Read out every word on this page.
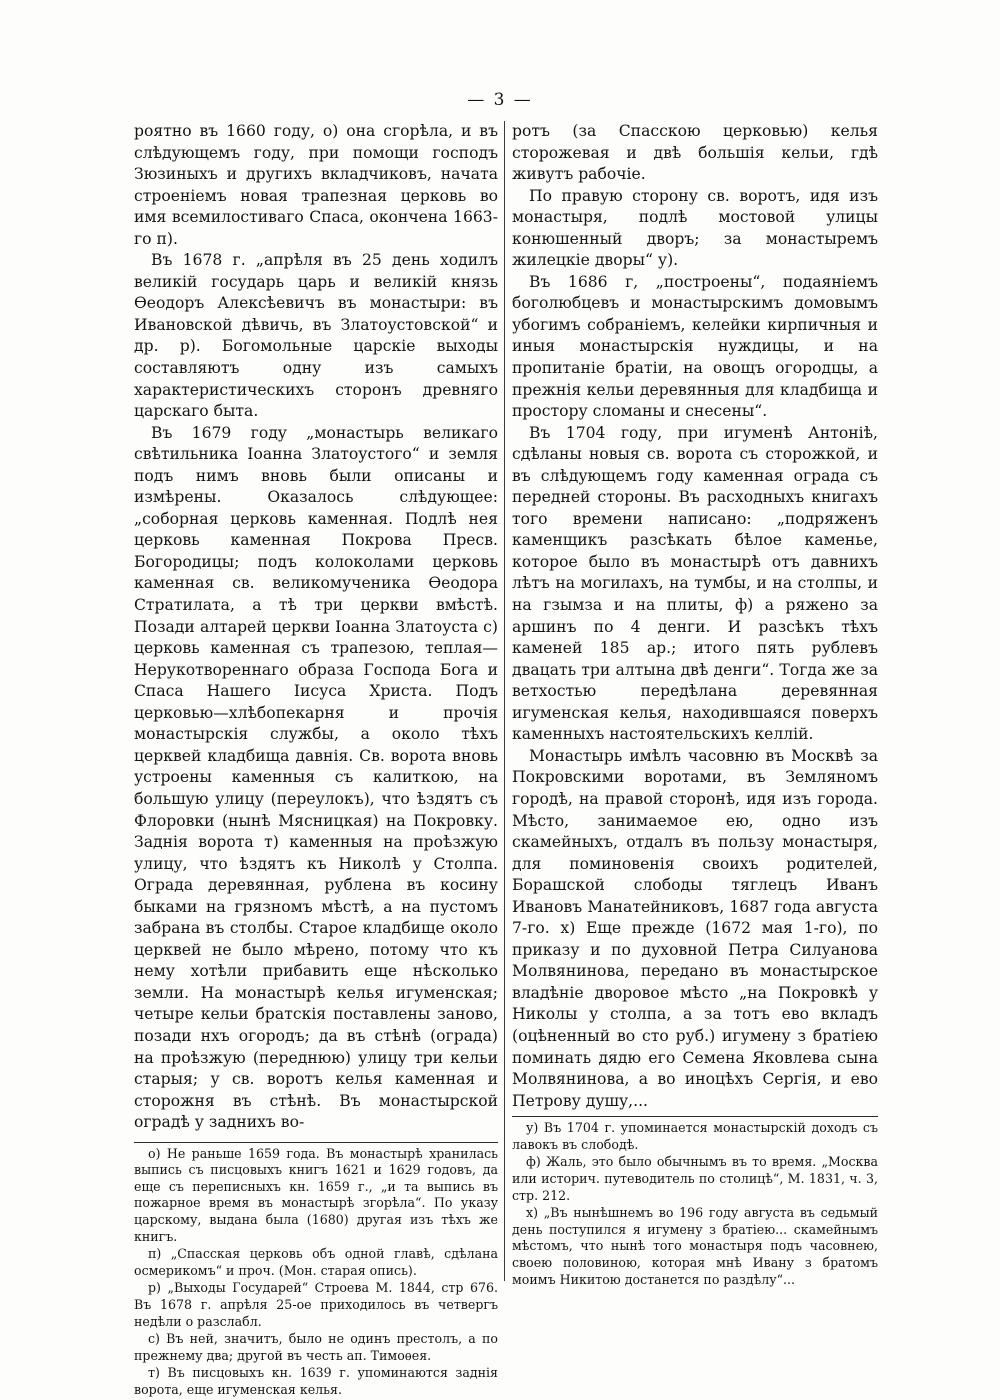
— 3 —

роятно въ 1660 году, о) она сгорѣла, и въ слѣдующемъ году, при помощи господъ Зюзиныхъ и другихъ вкладчиковъ, начата строеніемъ новая трапезная церковь во имя всемилостиваго Спаса, окончена 1663-го п).

Въ 1678 г. „апрѣля въ 25 день ходилъ великій государь царь и великій князь Ѳеодоръ Алексѣевичъ въ монастыри: въ Ивановской дѣвичь, въ Златоустовской“ и др. р). Богомольные царскіе выходы составляютъ одну изъ самыхъ характеристическихъ сторонъ древняго царскаго быта.

Въ 1679 году „монастырь великаго свѣтильника Іоанна Златоустого“ и земля подъ нимъ вновь были описаны и измѣрены. Оказалось слѣдующее: „соборная церковь каменная. Подлѣ нея церковь каменная Покрова Пресв. Богородицы; подъ колоколами церковь каменная св. великомученика Ѳеодора Стратилата, а тѣ три церкви вмѣстѣ. Позади алтарей церкви Іоанна Златоуста с) церковь каменная съ трапезою, теплая—Нерукотвореннаго образа Господа Бога и Спаса Нашего Іисуса Христа. Подъ церковью—хлѣбопекарня и прочія монастырскія службы, а около тѣхъ церквей кладбища давнія. Св. ворота вновь устроены каменныя съ калиткою, на большую улицу (переулокъ), что ѣздятъ съ Флоровки (нынѣ Мясницкая) на Покровку. Заднія ворота т) каменныя на проѣзжую улицу, что ѣздятъ къ Николѣ у Столпа. Ограда деревянная, рублена въ косину быками на грязномъ мѣстѣ, а на пустомъ забрана въ столбы. Старое кладбище около церквей не было мѣрено, потому что къ нему хотѣли прибавить еще нѣсколько земли. На монастырѣ келья игуменская; четыре кельи братскія поставлены заново, позади нхъ огородъ; да въ стѣнѣ (ограда) на проѣзжую (переднюю) улицу три кельи старыя; у св. воротъ келья каменная и сторожня въ стѣнѣ. Въ монастырской оградѣ у заднихъ во-

о) Не раньше 1659 года. Въ монастырѣ хранилась выпись съ писцовыхъ книгъ 1621 и 1629 годовъ, да еще съ переписныхъ кн. 1659 г., „и та выпись въ пожарное время въ монастырѣ згорѣла“. По указу царскому, выдана была (1680) другая изъ тѣхъ же книгъ.

п) „Спасская церковь объ одной главѣ, сдѣлана осмерикомъ“ и проч. (Мон. старая опись).

р) „Выходы Государей“ Строева М. 1844, стр 676. Въ 1678 г. апрѣля 25-ое приходилось въ четвергъ недѣли о разслабл.

с) Въ ней, значитъ, было не одинъ престолъ, а по прежнему два; другой въ честь ап. Тимоѳея.

т) Въ писцовыхъ кн. 1639 г. упоминаются заднія ворота, еще игуменская келья.

ротъ (за Спасскою церковью) келья сторожевая и двѣ большія кельи, гдѣ живутъ рабочіе.

По правую сторону св. воротъ, идя изъ монастыря, подлѣ мостовой улицы конюшенный дворъ; за монастыремъ жилецкіе дворы“ у).

Въ 1686 г, „построены“, подаяніемъ боголюбцевъ и монастырскимъ домовымъ убогимъ собраніемъ, келейки кирпичныя и иныя монастырскія нуждицы, и на пропитаніе братіи, на овощъ огородцы, а прежнія кельи деревянныя для кладбища и простору сломаны и снесены“.

Въ 1704 году, при игуменѣ Антоніѣ, сдѣланы новыя св. ворота съ сторожкой, и въ слѣдующемъ году каменная ограда съ передней стороны. Въ расходныхъ книгахъ того времени написано: „подряженъ каменщикъ разсѣкать бѣлое каменье, которое было въ монастырѣ отъ давнихъ лѣтъ на могилахъ, на тумбы, и на столпы, и на гзымза и на плиты, ф) а ряжено за аршинъ по 4 денги. И разсѣкъ тѣхъ каменей 185 ар.; итого пять рублевъ двацать три алтына двѣ денги“. Тогда же за ветхостью передѣлана деревянная игуменская келья, находившаяся поверхъ каменныхъ настоятельскихъ келлій.

Монастырь имѣлъ часовню въ Москвѣ за Покровскими воротами, въ Земляномъ городѣ, на правой сторонѣ, идя изъ города. Мѣсто, занимаемое ею, одно изъ скамейныхъ, отдалъ въ пользу монастыря, для поминовенія своихъ родителей, Борашской слободы тяглецъ Иванъ Ивановъ Манатейниковъ, 1687 года августа 7-го. х) Еще прежде (1672 мая 1-го), по приказу и по духовной Петра Силуанова Молвянинова, передано въ монастырское владѣніе дворовое мѣсто „на Покровкѣ у Николы у столпа, а за тотъ ево вкладъ (оцѣненный во сто руб.) игумену з братіею поминать дядю его Семена Яковлева сына Молвянинова, а во иноцѣхъ Сергія, и ево Петрову душу,...

у) Въ 1704 г. упоминается монастырскій доходъ съ лавокъ въ слободѣ.

ф) Жаль, это было обычнымъ въ то время. „Москва или историч. путеводитель по столицѣ“, М. 1831, ч. 3, стр. 212.

х) „Въ нынѣшнемъ во 196 году августа въ седьмый день поступился я игумену з братіею... скамейнымъ мѣстомъ, что нынѣ того монастыря подъ часовнею, своею половиною, которая мнѣ Ивану з братомъ моимъ Никитою достанется по раздѣлу“...
